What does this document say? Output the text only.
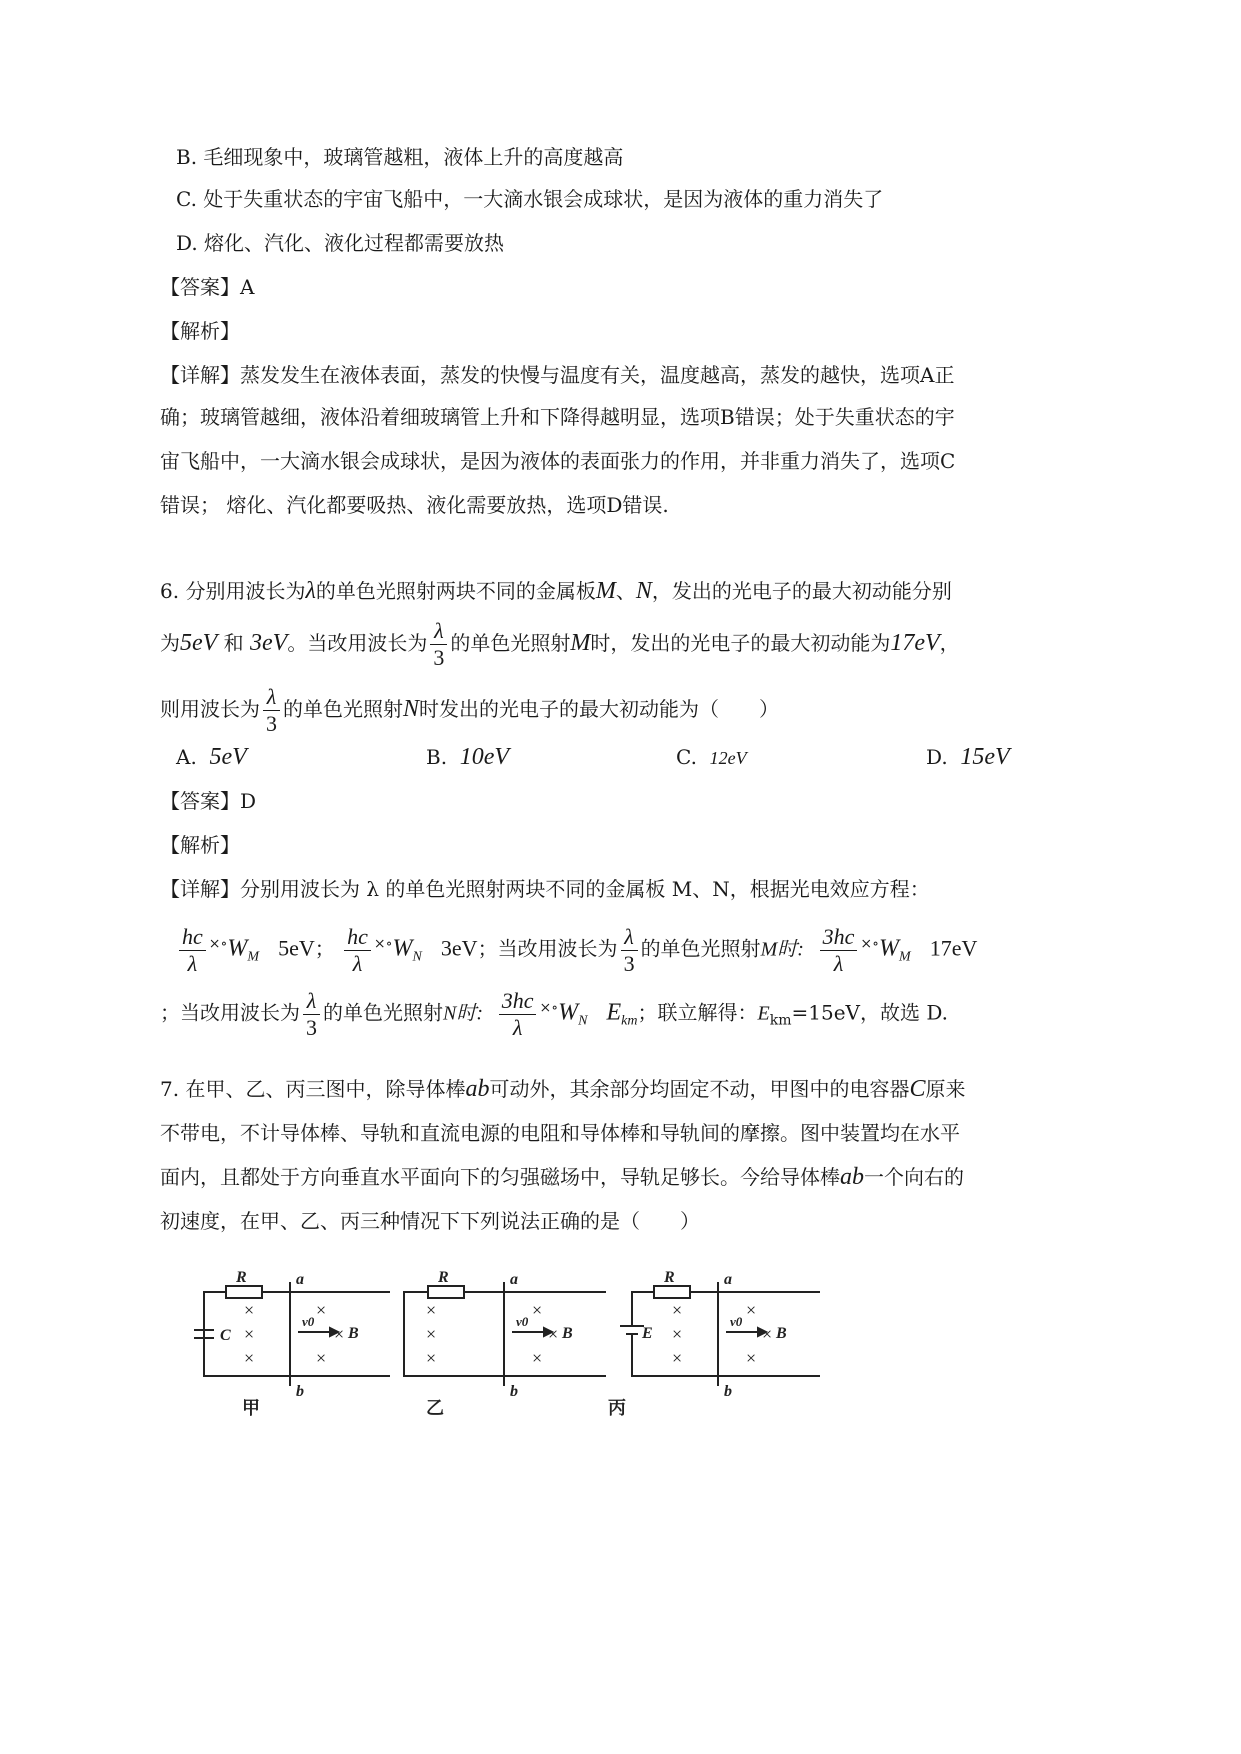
B. 毛细现象中，玻璃管越粗，液体上升的高度越高
C. 处于失重状态的宇宙飞船中，一大滴水银会成球状，是因为液体的重力消失了
D. 熔化、汽化、液化过程都需要放热
【答案】A
【解析】
【详解】蒸发发生在液体表面，蒸发的快慢与温度有关，温度越高，蒸发的越快，选项A正
确；玻璃管越细，液体沿着细玻璃管上升和下降得越明显，选项B错误；处于失重状态的宇
宙飞船中，一大滴水银会成球状，是因为液体的表面张力的作用，并非重力消失了，选项C
错误； 熔化、汽化都要吸热、液化需要放热，选项D错误.
6. 分别用波长为λ的单色光照射两块不同的金属板M、N，发出的光电子的最大初动能分别
为5eV 和 3eV。当改用波长为 $\frac{\lambda}{3}$ 的单色光照射M时，发出的光电子的最大初动能为17eV，
则用波长为 $\frac{\lambda}{3}$ 的单色光照射N时发出的光电子的最大初动能为（　　）
A. 5eV	B. 10eV	C. 12eV	D. 15eV
【答案】D
【解析】
【详解】分别用波长为 λ 的单色光照射两块不同的金属板 M、N，根据光电效应方程：
$\frac{hc}{\lambda} ^{\times\circ}W_M$ 5eV； $\frac{hc}{\lambda} ^{\times\circ}W_N$ 3eV；当改用波长为 $\frac{\lambda}{3}$ 的单色光照射M时: $\frac{3hc}{\lambda} ^{\times\circ}W_M$ 17eV
；当改用波长为 $\frac{\lambda}{3}$ 的单色光照射N时: $\frac{3hc}{\lambda} ^{\times\circ}W_N$ $E_{km}$；联立解得：$E_{km}=15eV$，故选 D.
7. 在甲、乙、丙三图中，除导体棒ab可动外，其余部分均固定不动，甲图中的电容器C原来
不带电，不计导体棒、导轨和直流电源的电阻和导体棒和导轨间的摩擦。图中装置均在水平
面内，且都处于方向垂直水平面向下的匀强磁场中，导轨足够长。今给导体棒ab一个向右的
初速度，在甲、乙、丙三种情况下下列说法正确的是（　　）
R	a
b
C
v0
B
R	a
b
v0
B
R	a
b
E
v0
B
×
×
×
×
×
×
×
×
×
×
×
×
×
×
×
×
×
×
甲	乙	丙
